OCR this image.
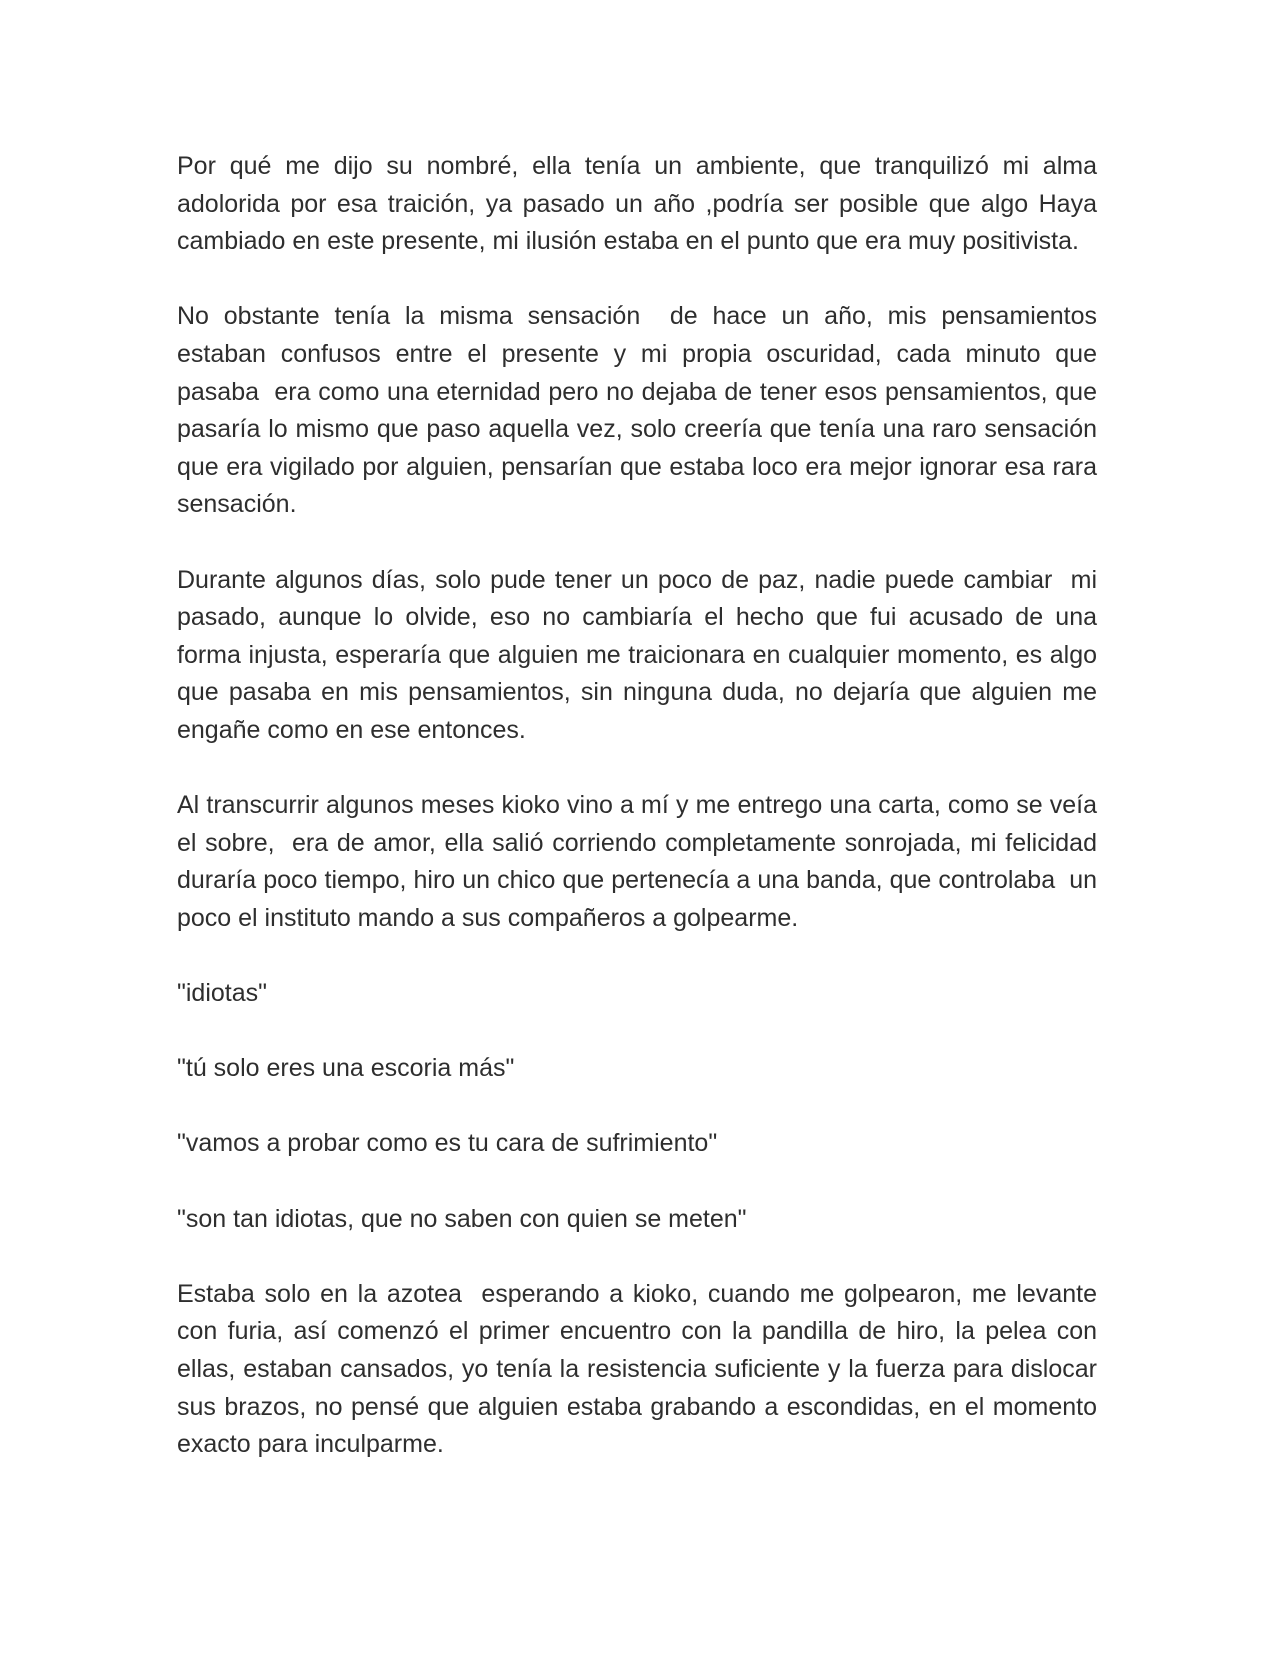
Por qué me dijo su nombré, ella tenía un ambiente, que tranquilizó mi alma adolorida por esa traición, ya pasado un año ,podría ser posible que algo Haya cambiado en este presente, mi ilusión estaba en el punto que era muy positivista.

No obstante tenía la misma sensación  de hace un año, mis pensamientos estaban confusos entre el presente y mi propia oscuridad, cada minuto que pasaba  era como una eternidad pero no dejaba de tener esos pensamientos, que pasaría lo mismo que paso aquella vez, solo creería que tenía una raro sensación  que era vigilado por alguien, pensarían que estaba loco era mejor ignorar esa rara sensación.

Durante algunos días, solo pude tener un poco de paz, nadie puede cambiar  mi pasado, aunque lo olvide, eso no cambiaría el hecho que fui acusado de una forma injusta, esperaría que alguien me traicionara en cualquier momento, es algo que pasaba en mis pensamientos, sin ninguna duda, no dejaría que alguien me engañe como en ese entonces.

Al transcurrir algunos meses kioko vino a mí y me entrego una carta, como se veía el sobre,  era de amor, ella salió corriendo completamente sonrojada, mi felicidad duraría poco tiempo, hiro un chico que pertenecía a una banda, que controlaba  un poco el instituto mando a sus compañeros a golpearme.

"idiotas"

"tú solo eres una escoria más"

"vamos a probar como es tu cara de sufrimiento"

"son tan idiotas, que no saben con quien se meten"

Estaba solo en la azotea  esperando a kioko, cuando me golpearon, me levante con furia, así comenzó el primer encuentro con la pandilla de hiro, la pelea con ellas, estaban cansados, yo tenía la resistencia suficiente y la fuerza para dislocar sus brazos, no pensé que alguien estaba grabando a escondidas, en el momento exacto para inculparme.
